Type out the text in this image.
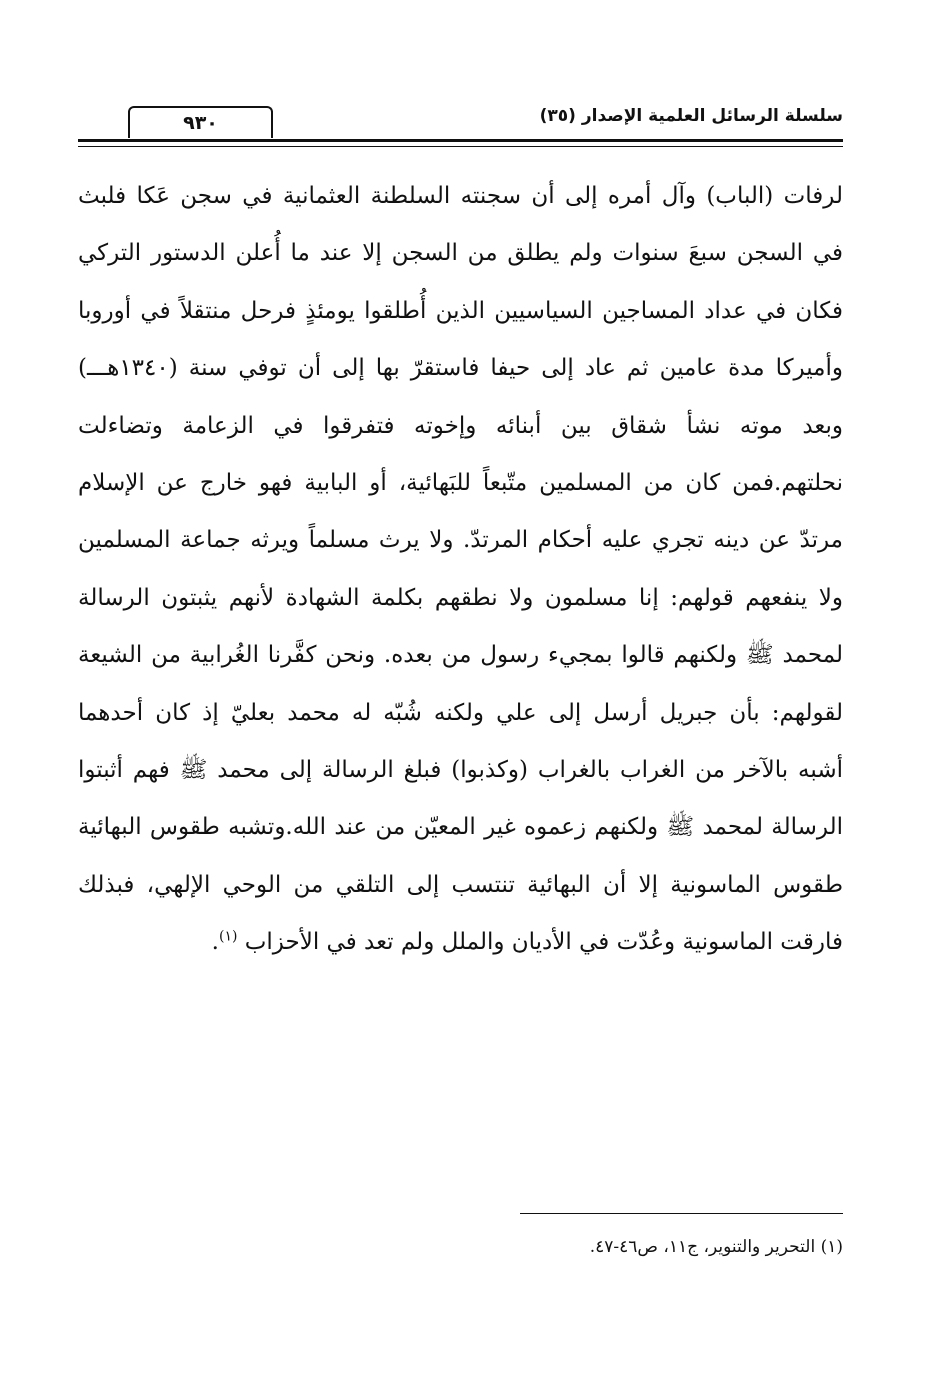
سلسلة الرسائل العلمية الإصدار (٣٥)
٩٣٠
لرفات (الباب) وآل أمره إلى أن سجنته السلطنة العثمانية في سجن عَكا فلبث
في السجن سبعَ سنوات ولم يطلق من السجن إلا عند ما أُعلن الدستور التركي
فكان في عداد المساجين السياسيين الذين أُطلقوا يومئذٍ فرحل منتقلاً في أوروبا
وأميركا مدة عامين ثم عاد إلى حيفا فاستقرّ بها إلى أن توفي سنة (١٣٤٠هـــ)
وبعد موته نشأ شقاق بين أبنائه وإخوته فتفرقوا في الزعامة وتضاءلت
نحلتهم.فمن كان من المسلمين متّبعاً للبَهائية، أو البابية فهو خارج عن الإسلام
مرتدّ عن دينه تجري عليه أحكام المرتدّ. ولا يرث مسلماً ويرثه جماعة المسلمين
ولا ينفعهم قولهم: إنا مسلمون ولا نطقهم بكلمة الشهادة لأنهم يثبتون الرسالة
لمحمد ﷺ ولكنهم قالوا بمجيء رسول من بعده. ونحن كفَّرنا الغُرابية من الشيعة
لقولهم: بأن جبريل أرسل إلى علي ولكنه شُبّه له محمد بعليّ إذ كان أحدهما
أشبه بالآخر من الغراب بالغراب (وكذبوا) فبلغ الرسالة إلى محمد ﷺ فهم أثبتوا
الرسالة لمحمد ﷺ ولكنهم زعموه غير المعيّن من عند الله.وتشبه طقوس البهائية
طقوس الماسونية إلا أن البهائية تنتسب إلى التلقي من الوحي الإلهي، فبذلك
فارقت الماسونية وعُدّت في الأديان والملل ولم تعد في الأحزاب $^{(١)}$.
(١) التحرير والتنوير، ج١١، ص٤٦-٤٧.
